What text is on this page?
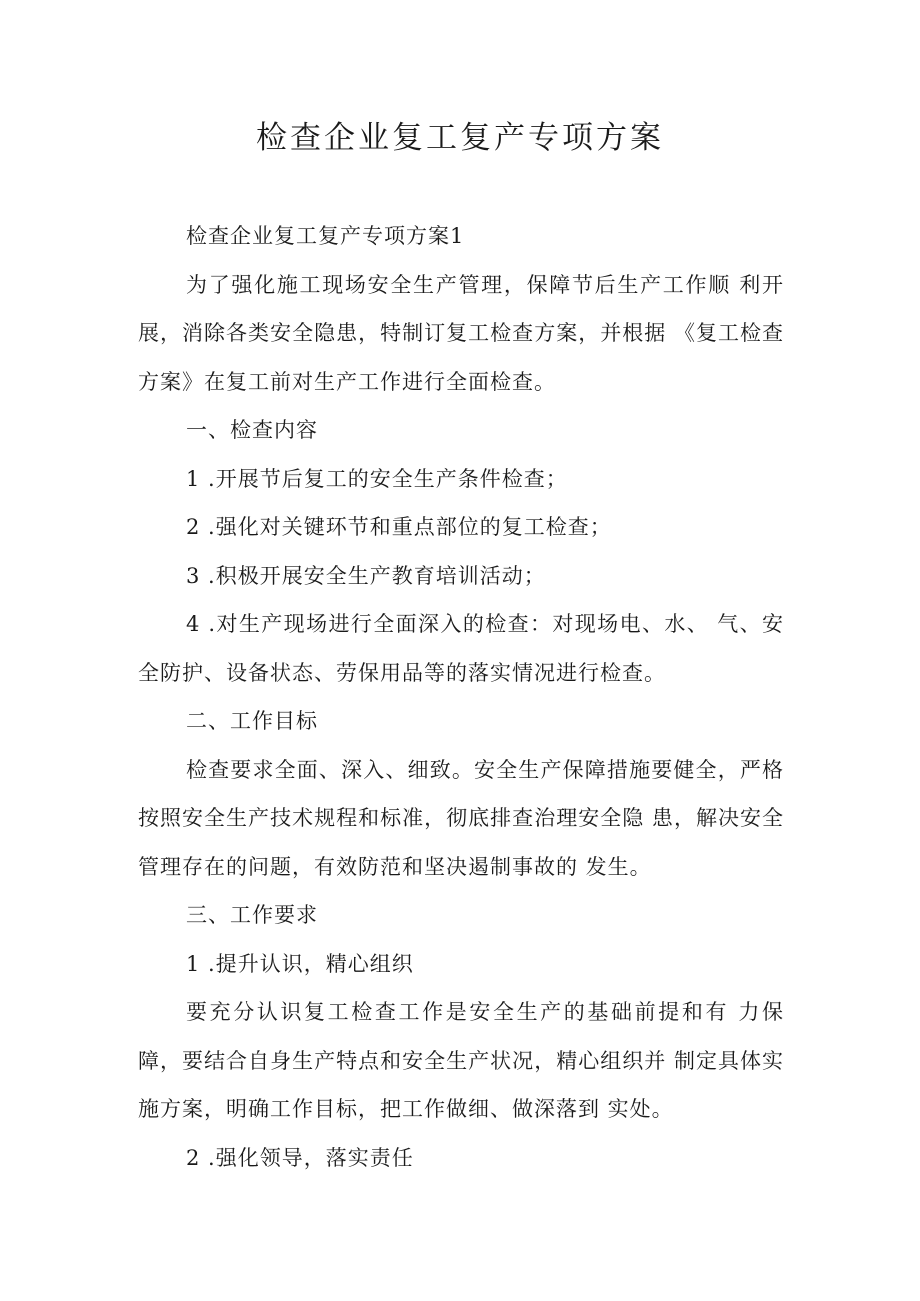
检查企业复工复产专项方案

检查企业复工复产专项方案1

为了强化施工现场安全生产管理，保障节后生产工作顺 利开展，消除各类安全隐患，特制订复工检查方案，并根据 《复工检查方案》在复工前对生产工作进行全面检查。

一、检查内容

1 .开展节后复工的安全生产条件检查；

2 .强化对关键环节和重点部位的复工检查；

3 .积极开展安全生产教育培训活动；

4 .对生产现场进行全面深入的检查：对现场电、水、 气、安全防护、设备状态、劳保用品等的落实情况进行检查。

二、工作目标

检查要求全面、深入、细致。安全生产保障措施要健全，严格按照安全生产技术规程和标准，彻底排查治理安全隐 患，解决安全管理存在的问题，有效防范和坚决遏制事故的 发生。

三、工作要求

1 .提升认识，精心组织

要充分认识复工检查工作是安全生产的基础前提和有 力保障，要结合自身生产特点和安全生产状况，精心组织并 制定具体实施方案，明确工作目标，把工作做细、做深落到 实处。

2 .强化领导，落实责任
